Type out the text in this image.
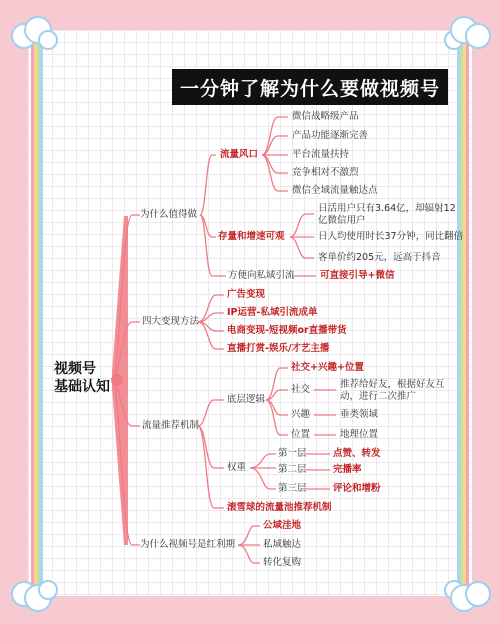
一分钟了解为什么要做视频号
视频号
基础认知
为什么值得做
流量风口
微信战略级产品
产品功能逐渐完善
平台流量扶持
竞争相对不激烈
微信全域流量触达点
存量和增速可观
日活用户只有3.64亿，却辐射12
亿微信用户
日人均使用时长37分钟，同比翻倍
客单价约205元，远高于抖音
方便向私域引流	可直接引导+微信
四大变现方法
广告变现
IP运营-私域引流成单
电商变现-短视频or直播带货
直播打赏-娱乐/才艺主播
流量推荐机制
底层逻辑
社交+兴趣+位置
社交	推荐给好友，根据好友互
动，进行二次推广
兴趣	垂类领域
位置	地理位置
权重
第一层	点赞、转发
第二层	完播率
第三层	评论和增粉
滚雪球的流量池推荐机制
为什么视频号是红利期
公域洼地
私域触达
转化复购
